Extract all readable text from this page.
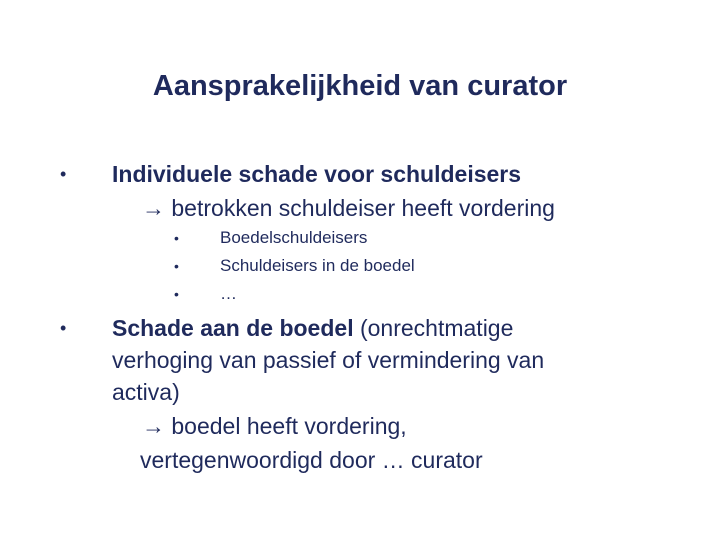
Aansprakelijkheid van curator
• Individuele schade voor schuldeisers
→ betrokken schuldeiser heeft vordering
• Boedelschuldeisers
• Schuldeisers in de boedel
• …
• Schade aan de boedel (onrechtmatige
verhoging van passief of vermindering van
activa)
→ boedel heeft vordering,
vertegenwoordigd door … curator
